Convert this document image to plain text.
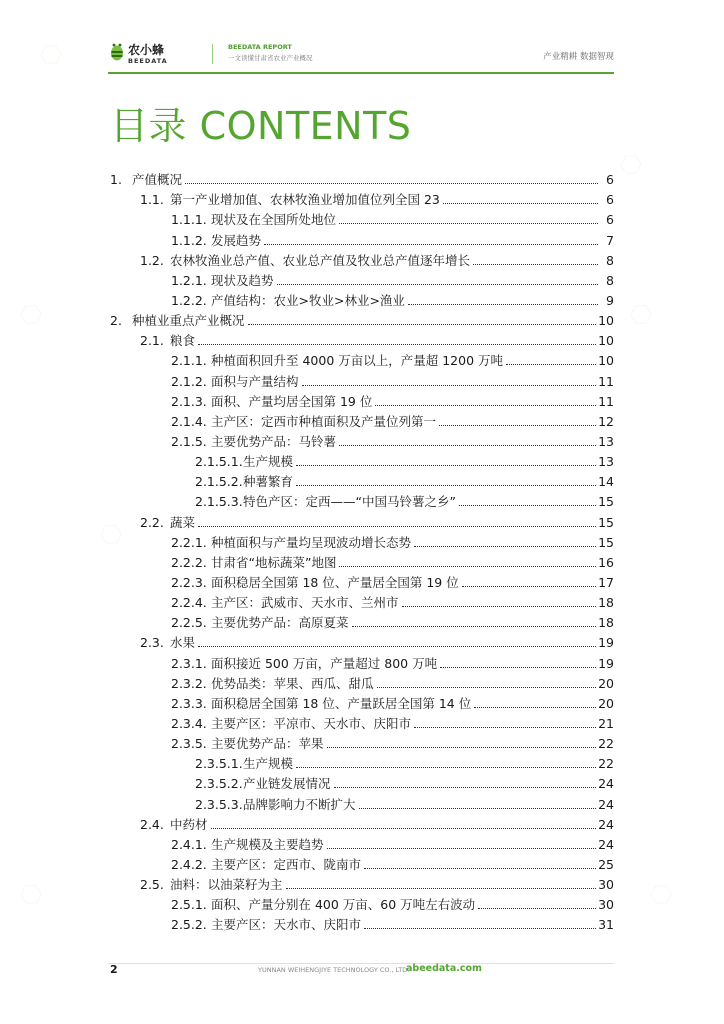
⬡
⬡
⬡	⬡
⬡
⬡	⬡
农小蜂
BEEDATA
BEEDATA REPORT
一文读懂甘肃省农业产业概况	产业精耕 数据智现
目录 CONTENTS
1. 产值概况	6
1.1. 第一产业增加值、农林牧渔业增加值位列全国 23	6
1.1.1. 现状及在全国所处地位	6
1.1.2. 发展趋势	7
1.2. 农林牧渔业总产值、农业总产值及牧业总产值逐年增长	8
1.2.1. 现状及趋势	8
1.2.2. 产值结构：农业>牧业>林业>渔业	9
2. 种植业重点产业概况	10
2.1. 粮食	10
2.1.1. 种植面积回升至 4000 万亩以上，产量超 1200 万吨	10
2.1.2. 面积与产量结构	11
2.1.3. 面积、产量均居全国第 19 位	11
2.1.4. 主产区：定西市种植面积及产量位列第一	12
2.1.5. 主要优势产品：马铃薯	13
2.1.5.1. 生产规模	13
2.1.5.2. 种薯繁育	14
2.1.5.3. 特色产区：定西——“中国马铃薯之乡”	15
2.2. 蔬菜	15
2.2.1. 种植面积与产量均呈现波动增长态势	15
2.2.2. 甘肃省“地标蔬菜”地图	16
2.2.3. 面积稳居全国第 18 位、产量居全国第 19 位	17
2.2.4. 主产区：武威市、天水市、兰州市	18
2.2.5. 主要优势产品：高原夏菜	18
2.3. 水果	19
2.3.1. 面积接近 500 万亩，产量超过 800 万吨	19
2.3.2. 优势品类：苹果、西瓜、甜瓜	20
2.3.3. 面积稳居全国第 18 位、产量跃居全国第 14 位	20
2.3.4. 主要产区：平凉市、天水市、庆阳市	21
2.3.5. 主要优势产品：苹果	22
2.3.5.1. 生产规模	22
2.3.5.2. 产业链发展情况	24
2.3.5.3. 品牌影响力不断扩大	24
2.4. 中药材	24
2.4.1. 生产规模及主要趋势	24
2.4.2. 主要产区：定西市、陇南市	25
2.5. 油料：以油菜籽为主	30
2.5.1. 面积、产量分别在 400 万亩、60 万吨左右波动	30
2.5.2. 主要产区：天水市、庆阳市	31
2	YUNNAN WEIHENGJIYE TECHNOLOGY CO., LTD.
abeedata.com
